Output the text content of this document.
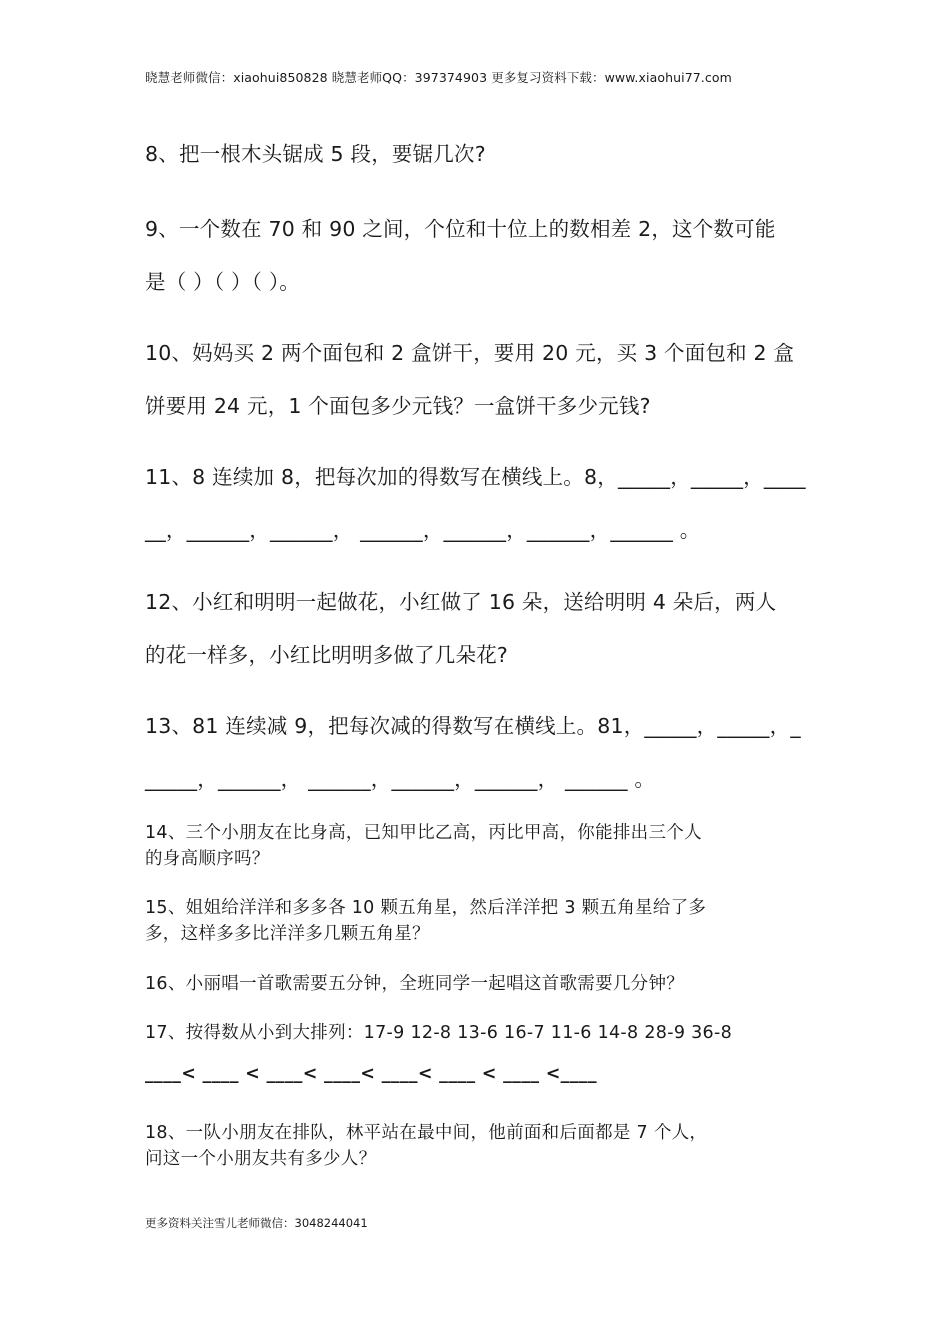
晓慧老师微信：xiaohui850828 晓慧老师QQ：397374903 更多复习资料下载：www.xiaohui77.com
8、把一根木头锯成 5 段，要锯几次?
9、一个数在 70 和 90 之间，个位和十位上的数相差 2，这个数可能
是（ ）（ ）（ ）。
10、妈妈买 2 两个面包和 2 盒饼干，要用 20 元，买 3 个面包和 2 盒
饼要用 24 元，1 个面包多少元钱？一盒饼干多少元钱?
11、8 连续加 8，把每次加的得数写在横线上。8，_____，_____，____
__，______，______， ______，______，______，______ 。
12、小红和明明一起做花，小红做了 16 朵，送给明明 4 朵后，两人
的花一样多，小红比明明多做了几朵花?
13、81 连续减 9，把每次减的得数写在横线上。81，_____，_____，_
_____，______， ______，______，______， ______ 。
14、三个小朋友在比身高，已知甲比乙高，丙比甲高，你能排出三个人
的身高顺序吗？
15、姐姐给洋洋和多多各 10 颗五角星，然后洋洋把 3 颗五角星给了多
多，这样多多比洋洋多几颗五角星？
16、小丽唱一首歌需要五分钟，全班同学一起唱这首歌需要几分钟？
17、按得数从小到大排列：17-9 12-8 13-6 16-7 11-6 14-8 28-9 36-8
____< ____ < ____< ____< ____< ____ < ____ <____
18、一队小朋友在排队，林平站在最中间，他前面和后面都是 7 个人，
问这一个小朋友共有多少人？
更多资料关注雪儿老师微信：3048244041
